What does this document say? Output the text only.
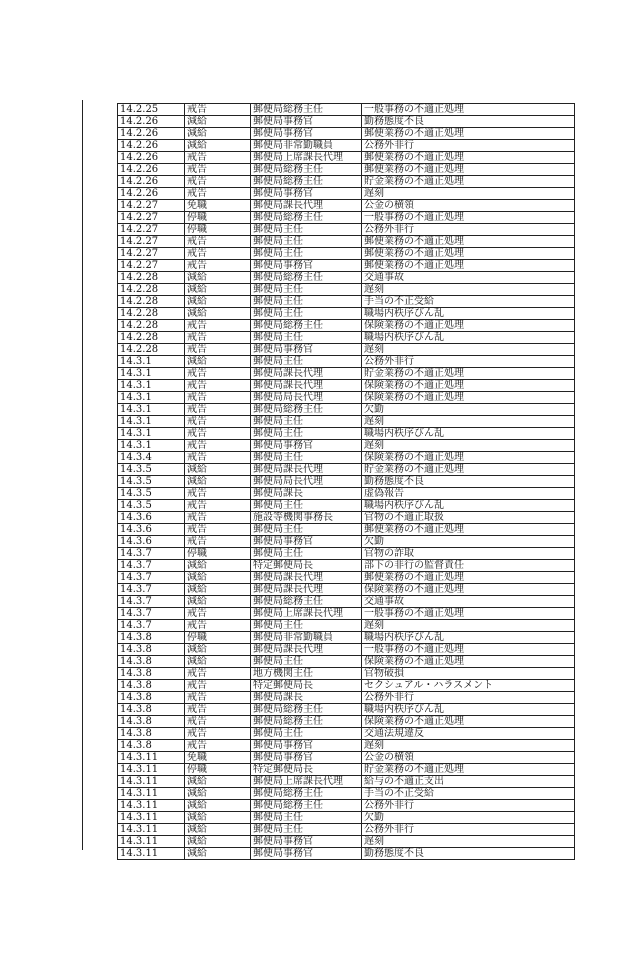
14.2.25	戒告	郵便局総務主任	一般事務の不適正処理
14.2.26	減給	郵便局事務官	勤務態度不良
14.2.26	減給	郵便局事務官	郵便業務の不適正処理
14.2.26	減給	郵便局非常勤職員	公務外非行
14.2.26	戒告	郵便局上席課長代理	郵便業務の不適正処理
14.2.26	戒告	郵便局総務主任	郵便業務の不適正処理
14.2.26	戒告	郵便局総務主任	貯金業務の不適正処理
14.2.26	戒告	郵便局事務官	遅刻
14.2.27	免職	郵便局課長代理	公金の横領
14.2.27	停職	郵便局総務主任	一般事務の不適正処理
14.2.27	停職	郵便局主任	公務外非行
14.2.27	戒告	郵便局主任	郵便業務の不適正処理
14.2.27	戒告	郵便局主任	郵便業務の不適正処理
14.2.27	戒告	郵便局事務官	郵便業務の不適正処理
14.2.28	減給	郵便局総務主任	交通事故
14.2.28	減給	郵便局主任	遅刻
14.2.28	減給	郵便局主任	手当の不正受給
14.2.28	減給	郵便局主任	職場内秩序びん乱
14.2.28	戒告	郵便局総務主任	保険業務の不適正処理
14.2.28	戒告	郵便局主任	職場内秩序びん乱
14.2.28	戒告	郵便局事務官	遅刻
14.3.1	減給	郵便局主任	公務外非行
14.3.1	戒告	郵便局課長代理	貯金業務の不適正処理
14.3.1	戒告	郵便局課長代理	保険業務の不適正処理
14.3.1	戒告	郵便局局長代理	保険業務の不適正処理
14.3.1	戒告	郵便局総務主任	欠勤
14.3.1	戒告	郵便局主任	遅刻
14.3.1	戒告	郵便局主任	職場内秩序びん乱
14.3.1	戒告	郵便局事務官	遅刻
14.3.4	戒告	郵便局主任	保険業務の不適正処理
14.3.5	減給	郵便局課長代理	貯金業務の不適正処理
14.3.5	減給	郵便局局長代理	勤務態度不良
14.3.5	戒告	郵便局課長	虚偽報告
14.3.5	戒告	郵便局主任	職場内秩序びん乱
14.3.6	戒告	施設等機関事務長	官物の不適正取扱
14.3.6	戒告	郵便局主任	郵便業務の不適正処理
14.3.6	戒告	郵便局事務官	欠勤
14.3.7	停職	郵便局主任	官物の詐取
14.3.7	減給	特定郵便局長	部下の非行の監督責任
14.3.7	減給	郵便局課長代理	郵便業務の不適正処理
14.3.7	減給	郵便局課長代理	保険業務の不適正処理
14.3.7	減給	郵便局総務主任	交通事故
14.3.7	戒告	郵便局上席課長代理	一般事務の不適正処理
14.3.7	戒告	郵便局主任	遅刻
14.3.8	停職	郵便局非常勤職員	職場内秩序びん乱
14.3.8	減給	郵便局課長代理	一般事務の不適正処理
14.3.8	減給	郵便局主任	保険業務の不適正処理
14.3.8	戒告	地方機関主任	官物破損
14.3.8	戒告	特定郵便局長	セクシュアル・ハラスメント
14.3.8	戒告	郵便局課長	公務外非行
14.3.8	戒告	郵便局総務主任	職場内秩序びん乱
14.3.8	戒告	郵便局総務主任	保険業務の不適正処理
14.3.8	戒告	郵便局主任	交通法規違反
14.3.8	戒告	郵便局事務官	遅刻
14.3.11	免職	郵便局事務官	公金の横領
14.3.11	停職	特定郵便局長	貯金業務の不適正処理
14.3.11	減給	郵便局上席課長代理	給与の不適正支出
14.3.11	減給	郵便局総務主任	手当の不正受給
14.3.11	減給	郵便局総務主任	公務外非行
14.3.11	減給	郵便局主任	欠勤
14.3.11	減給	郵便局主任	公務外非行
14.3.11	減給	郵便局事務官	遅刻
14.3.11	減給	郵便局事務官	勤務態度不良
